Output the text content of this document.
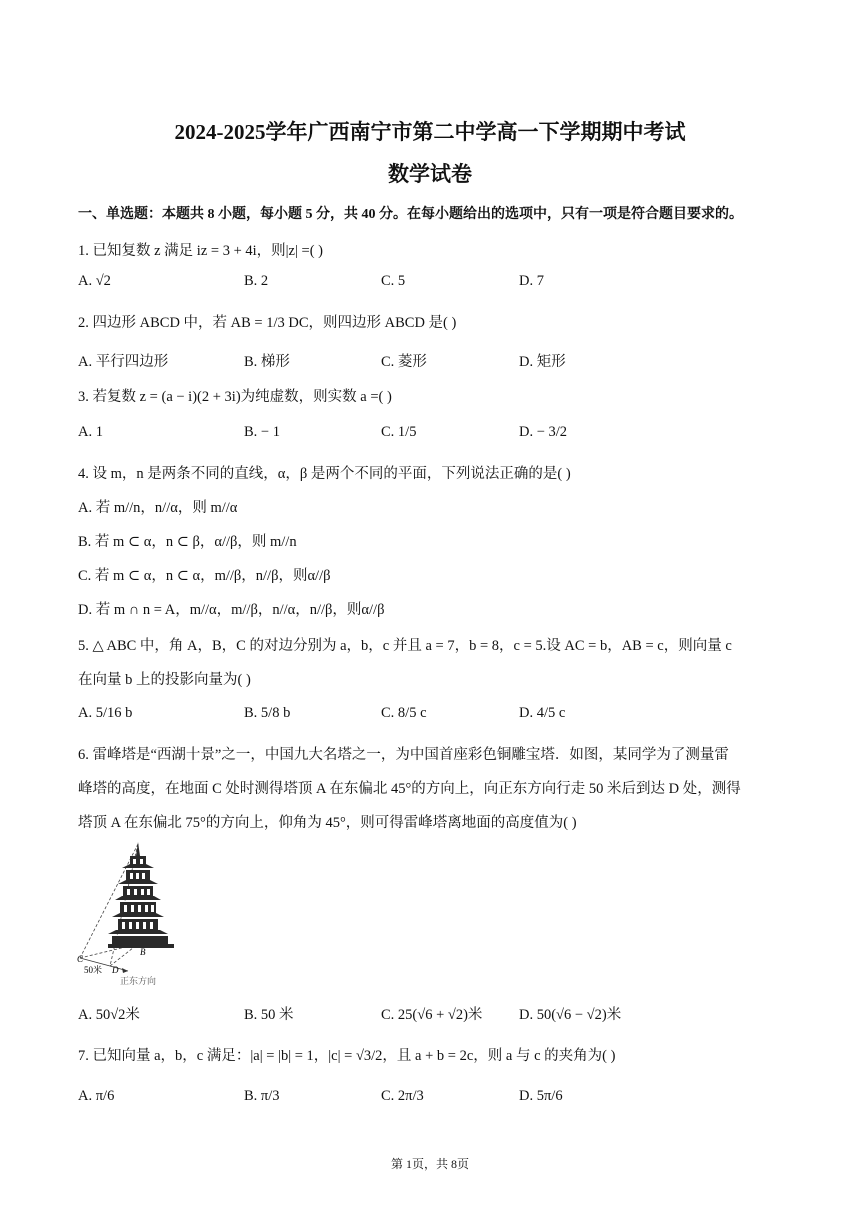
2024-2025学年广西南宁市第二中学高一下学期期中考试
数学试卷
一、单选题：本题共 8 小题，每小题 5 分，共 40 分。在每小题给出的选项中，只有一项是符合题目要求的。
1. 已知复数 z 满足 iz = 3 + 4i，则|z| =( )
A. √2	B. 2	C. 5	D. 7
2. 四边形 ABCD 中，若 AB = 1/3 DC，则四边形 ABCD 是( )
A. 平行四边形	B. 梯形	C. 菱形	D. 矩形
3. 若复数 z = (a − i)(2 + 3i)为纯虚数，则实数 a =( )
A. 1	B. − 1	C. 1/5	D. − 3/2
4. 设 m，n 是两条不同的直线，α，β 是两个不同的平面，下列说法正确的是( )
A. 若 m//n，n//α，则 m//α
B. 若 m ⊂ α，n ⊂ β，α//β，则 m//n
C. 若 m ⊂ α，n ⊂ α，m//β，n//β，则α//β
D. 若 m ∩ n = A，m//α，m//β，n//α，n//β，则α//β
5. △ ABC 中，角 A，B，C 的对边分别为 a，b，c 并且 a = 7，b = 8，c = 5.设 AC = b，AB = c，则向量 c
在向量 b 上的投影向量为( )
A. 5/16 b	B. 5/8 b	C. 8/5 c	D. 4/5 c
6. 雷峰塔是“西湖十景”之一，中国九大名塔之一，为中国首座彩色铜雕宝塔．如图，某同学为了测量雷
峰塔的高度，在地面 C 处时测得塔顶 A 在东偏北 45°的方向上，向正东方向行走 50 米后到达 D 处，测得
塔顶 A 在东偏北 75°的方向上，仰角为 45°，则可得雷峰塔离地面的高度值为( )
C
B
D
50米
正东方向
A. 50√2米	B. 50 米	C. 25(√6 + √2)米	D. 50(√6 − √2)米
7. 已知向量 a，b，c 满足：|a| = |b| = 1，|c| = √3/2，且 a + b = 2c，则 a 与 c 的夹角为( )
A. π/6	B. π/3	C. 2π/3	D. 5π/6
第 1页，共 8页
